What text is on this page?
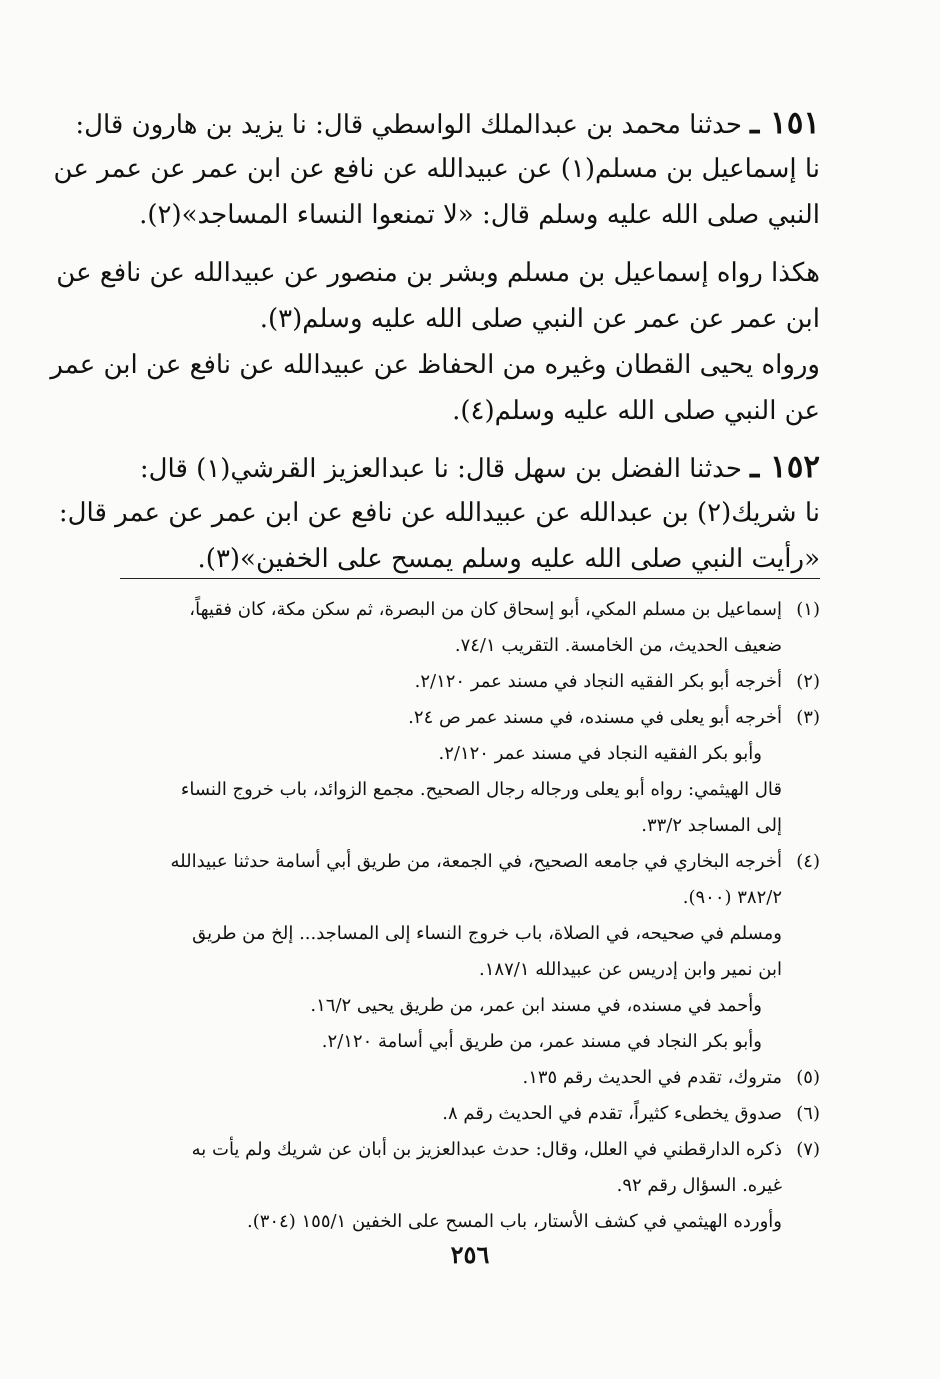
١٥١ ـ حدثنا محمد بن عبدالملك الواسطي قال: نا يزيد بن هارون قال:
نا إسماعيل بن مسلم(١) عن عبيدالله عن نافع عن ابن عمر عن عمر عن
النبي صلى الله عليه وسلم قال: «لا تمنعوا النساء المساجد»(٢).
هكذا رواه إسماعيل بن مسلم وبشر بن منصور عن عبيدالله عن نافع عن
ابن عمر عن عمر عن النبي صلى الله عليه وسلم(٣).
ورواه يحيى القطان وغيره من الحفاظ عن عبيدالله عن نافع عن ابن عمر
عن النبي صلى الله عليه وسلم(٤).
١٥٢ ـ حدثنا الفضل بن سهل قال: نا عبدالعزيز القرشي(١) قال:
نا شريك(٢) بن عبدالله عن عبيدالله عن نافع عن ابن عمر عن عمر قال:
«رأيت النبي صلى الله عليه وسلم يمسح على الخفين»(٣).
(١)
إسماعيل بن مسلم المكي، أبو إسحاق كان من البصرة، ثم سكن مكة، كان فقيهاً،
ضعيف الحديث، من الخامسة. التقريب ٧٤/١.
(٢)
أخرجه أبو بكر الفقيه النجاد في مسند عمر ٢/١٢٠.
(٣)
أخرجه أبو يعلى في مسنده، في مسند عمر ص ٢٤.
وأبو بكر الفقيه النجاد في مسند عمر ٢/١٢٠.
قال الهيثمي: رواه أبو يعلى ورجاله رجال الصحيح. مجمع الزوائد، باب خروج النساء
إلى المساجد ٣٣/٢.
(٤)
أخرجه البخاري في جامعه الصحيح، في الجمعة، من طريق أبي أسامة حدثنا عبيدالله
٣٨٢/٢ (٩٠٠).
ومسلم في صحيحه، في الصلاة، باب خروج النساء إلى المساجد... إلخ من طريق
ابن نمير وابن إدريس عن عبيدالله ١٨٧/١.
وأحمد في مسنده، في مسند ابن عمر، من طريق يحيى ١٦/٢.
وأبو بكر النجاد في مسند عمر، من طريق أبي أسامة ٢/١٢٠.
(٥)
متروك، تقدم في الحديث رقم ١٣٥.
(٦)
صدوق يخطىء كثيراً، تقدم في الحديث رقم ٨.
(٧)
ذكره الدارقطني في العلل، وقال: حدث عبدالعزيز بن أبان عن شريك ولم يأت به
غيره. السؤال رقم ٩٢.
وأورده الهيثمي في كشف الأستار، باب المسح على الخفين ١٥٥/١ (٣٠٤).
٢٥٦
